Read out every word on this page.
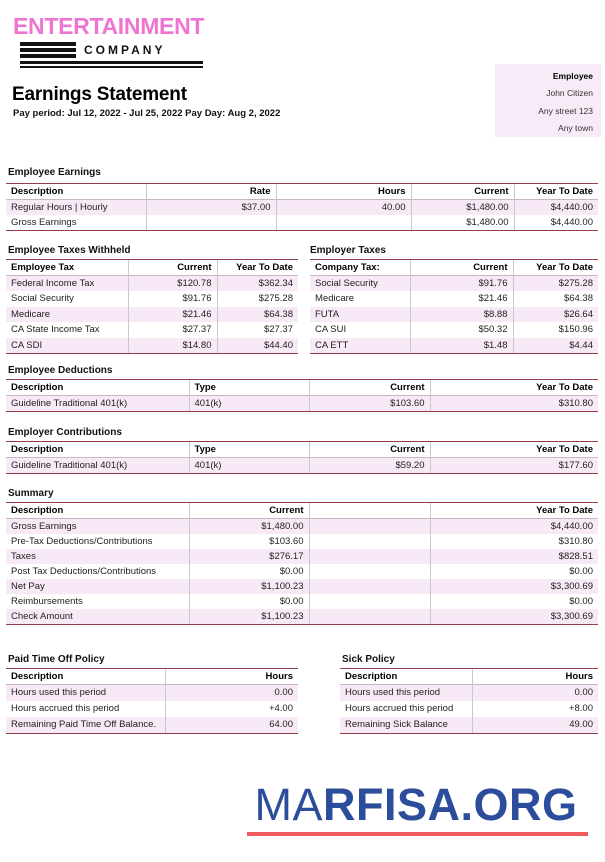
ENTERTAINMENT
COMPANY
Earnings Statement
Pay period: Jul 12, 2022 - Jul 25, 2022 Pay Day: Aug 2, 2022
Employee
John Citizen
Any street 123
Any town
Employee Earnings
Description	Rate	Hours	Current	Year To Date
Regular Hours | Hourly	$37.00	40.00	$1,480.00	$4,440.00
Gross Earnings			$1,480.00	$4,440.00
Employee Taxes Withheld
Employee Tax	Current	Year To Date
Federal Income Tax	$120.78	$362.34
Social Security	$91.76	$275.28
Medicare	$21.46	$64.38
CA State Income Tax	$27.37	$27.37
CA SDI	$14.80	$44.40
Employer Taxes
Company Tax:	Current	Year To Date
Social Security	$91.76	$275.28
Medicare	$21.46	$64.38
FUTA	$8.88	$26.64
CA SUI	$50.32	$150.96
CA ETT	$1.48	$4.44
Employee Deductions
Description	Type	Current	Year To Date
Guideline Traditional 401(k)	401(k)	$103.60	$310.80
Employer Contributions
Description	Type	Current	Year To Date
Guideline Traditional 401(k)	401(k)	$59.20	$177.60
Summary
Description	Current		Year To Date
Gross Earnings	$1,480.00		$4,440.00
Pre-Tax Deductions/Contributions	$103.60		$310.80
Taxes	$276.17		$828.51
Post Tax Deductions/Contributions	$0.00		$0.00
Net Pay	$1,100.23		$3,300.69
Reimbursements	$0.00		$0.00
Check Amount	$1,100.23		$3,300.69
Paid Time Off Policy
Description	Hours
Hours used this period	0.00
Hours accrued this period	+4.00
Remaining Paid Time Off Balance.	64.00
Sick Policy
Description	Hours
Hours used this period	0.00
Hours accrued this period	+8.00
Remaining Sick Balance	49.00
MARFISA.ORG
